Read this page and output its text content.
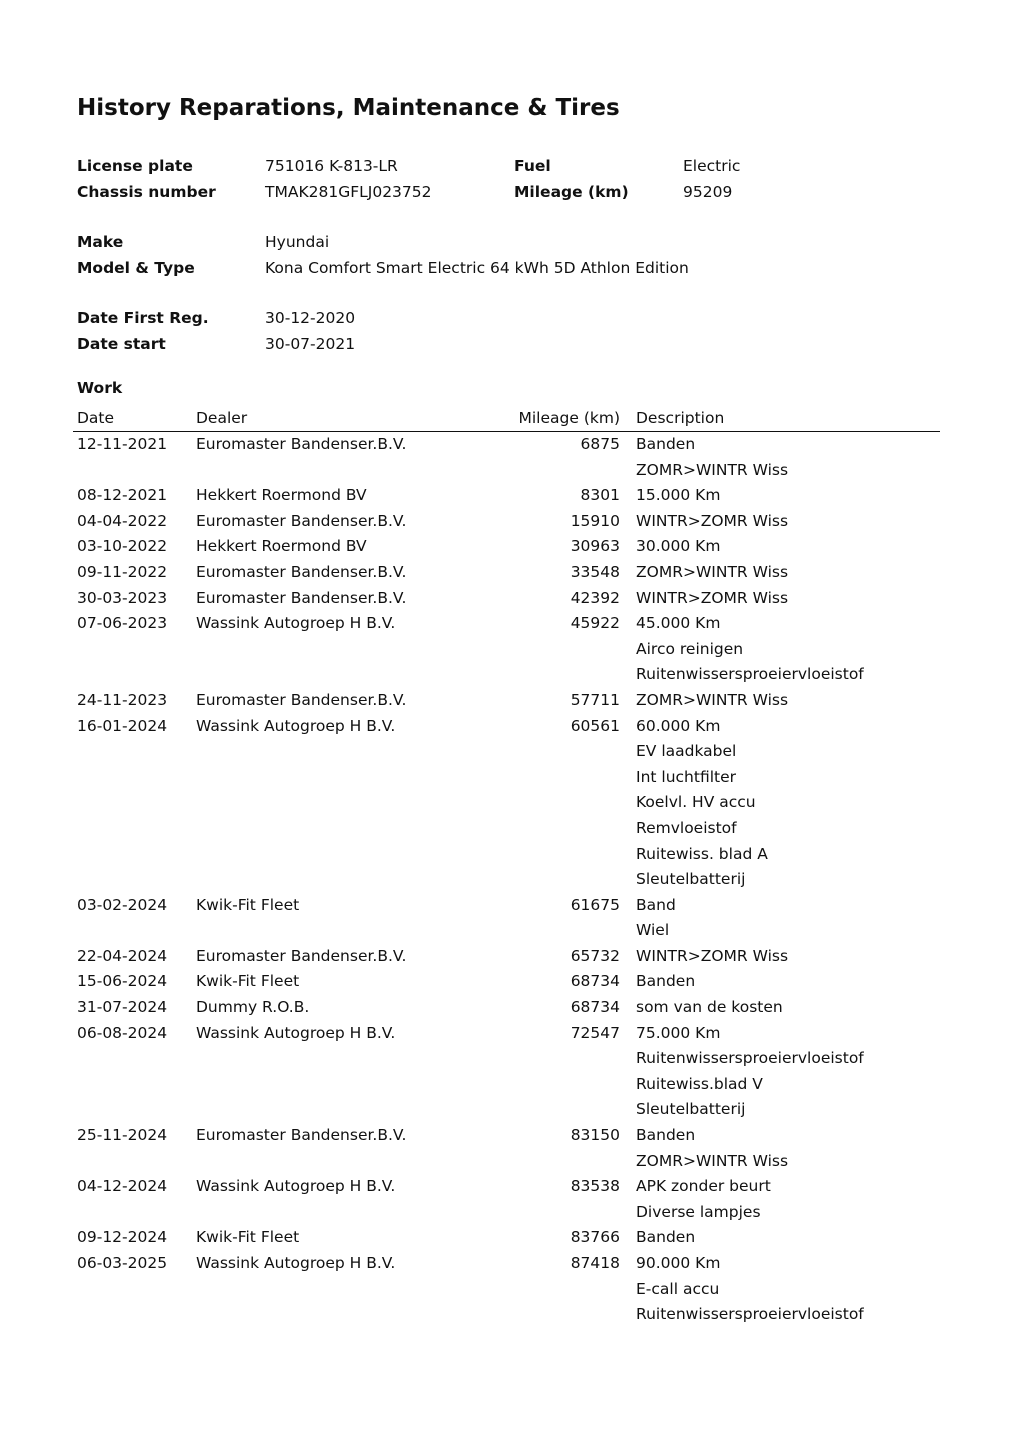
History Reparations, Maintenance & Tires
License plate	751016 K-813-LR	Fuel	Electric
Chassis number	TMAK281GFLJ023752	Mileage (km)	95209
Make	Hyundai
Model & Type	Kona Comfort Smart Electric 64 kWh 5D Athlon Edition
Date First Reg.	30-12-2020
Date start	30-07-2021
Work
Date	Dealer	Mileage (km) Description
12-11-2021 Euromaster Bandenser.B.V.	6875 Banden
ZOMR>WINTR Wiss
08-12-2021 Hekkert Roermond BV	8301 15.000 Km
04-04-2022 Euromaster Bandenser.B.V.	15910 WINTR>ZOMR Wiss
03-10-2022 Hekkert Roermond BV	30963 30.000 Km
09-11-2022 Euromaster Bandenser.B.V.	33548 ZOMR>WINTR Wiss
30-03-2023 Euromaster Bandenser.B.V.	42392 WINTR>ZOMR Wiss
07-06-2023 Wassink Autogroep H B.V.	45922 45.000 Km
Airco reinigen
Ruitenwissersproeiervloeistof
24-11-2023 Euromaster Bandenser.B.V.	57711 ZOMR>WINTR Wiss
16-01-2024 Wassink Autogroep H B.V.	60561 60.000 Km
EV laadkabel
Int luchtfilter
Koelvl. HV accu
Remvloeistof
Ruitewiss. blad A
Sleutelbatterij
03-02-2024 Kwik-Fit Fleet	61675 Band
Wiel
22-04-2024 Euromaster Bandenser.B.V.	65732 WINTR>ZOMR Wiss
15-06-2024 Kwik-Fit Fleet	68734 Banden
31-07-2024 Dummy R.O.B.	68734 som van de kosten
06-08-2024 Wassink Autogroep H B.V.	72547 75.000 Km
Ruitenwissersproeiervloeistof
Ruitewiss.blad V
Sleutelbatterij
25-11-2024 Euromaster Bandenser.B.V.	83150 Banden
ZOMR>WINTR Wiss
04-12-2024 Wassink Autogroep H B.V.	83538 APK zonder beurt
Diverse lampjes
09-12-2024 Kwik-Fit Fleet	83766 Banden
06-03-2025 Wassink Autogroep H B.V.	87418 90.000 Km
E-call accu
Ruitenwissersproeiervloeistof
